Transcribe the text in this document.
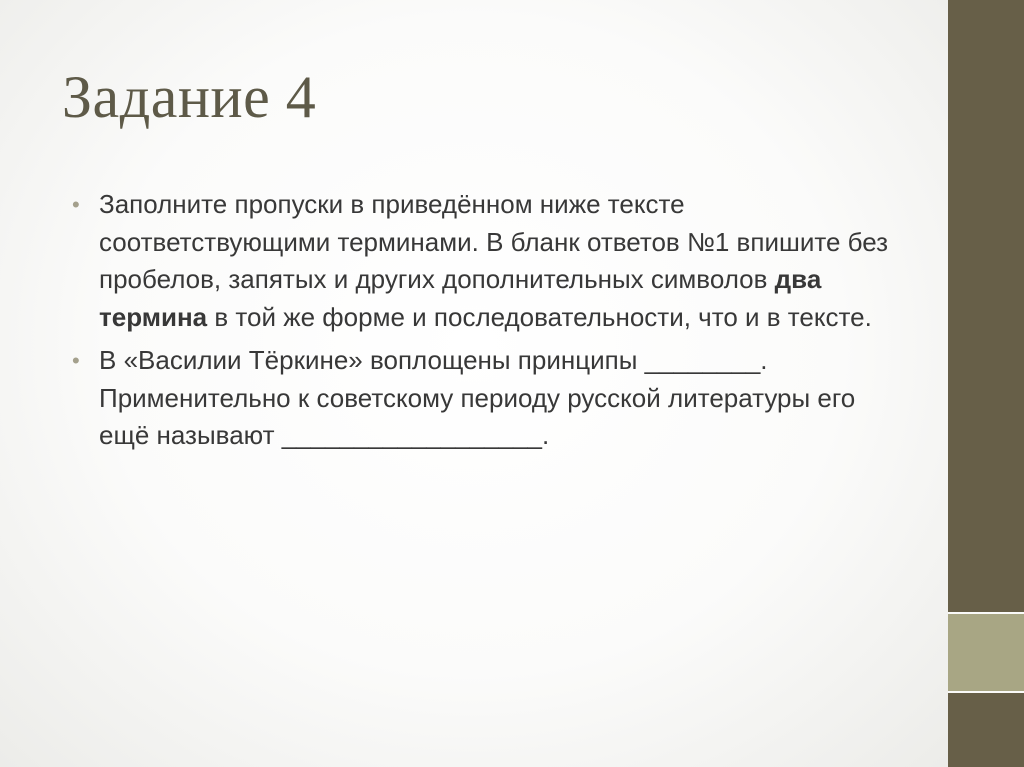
Задание 4
• Заполните пропуски в приведённом ниже тексте соответствующими терминами. В бланк ответов №1 впишите без пробелов, запятых и других дополнительных символов два термина в той же форме и последовательности, что и в тексте.
• В «Василии Тёркине» воплощены принципы ________. Применительно к советскому периоду русской литературы его ещё называют __________________.
